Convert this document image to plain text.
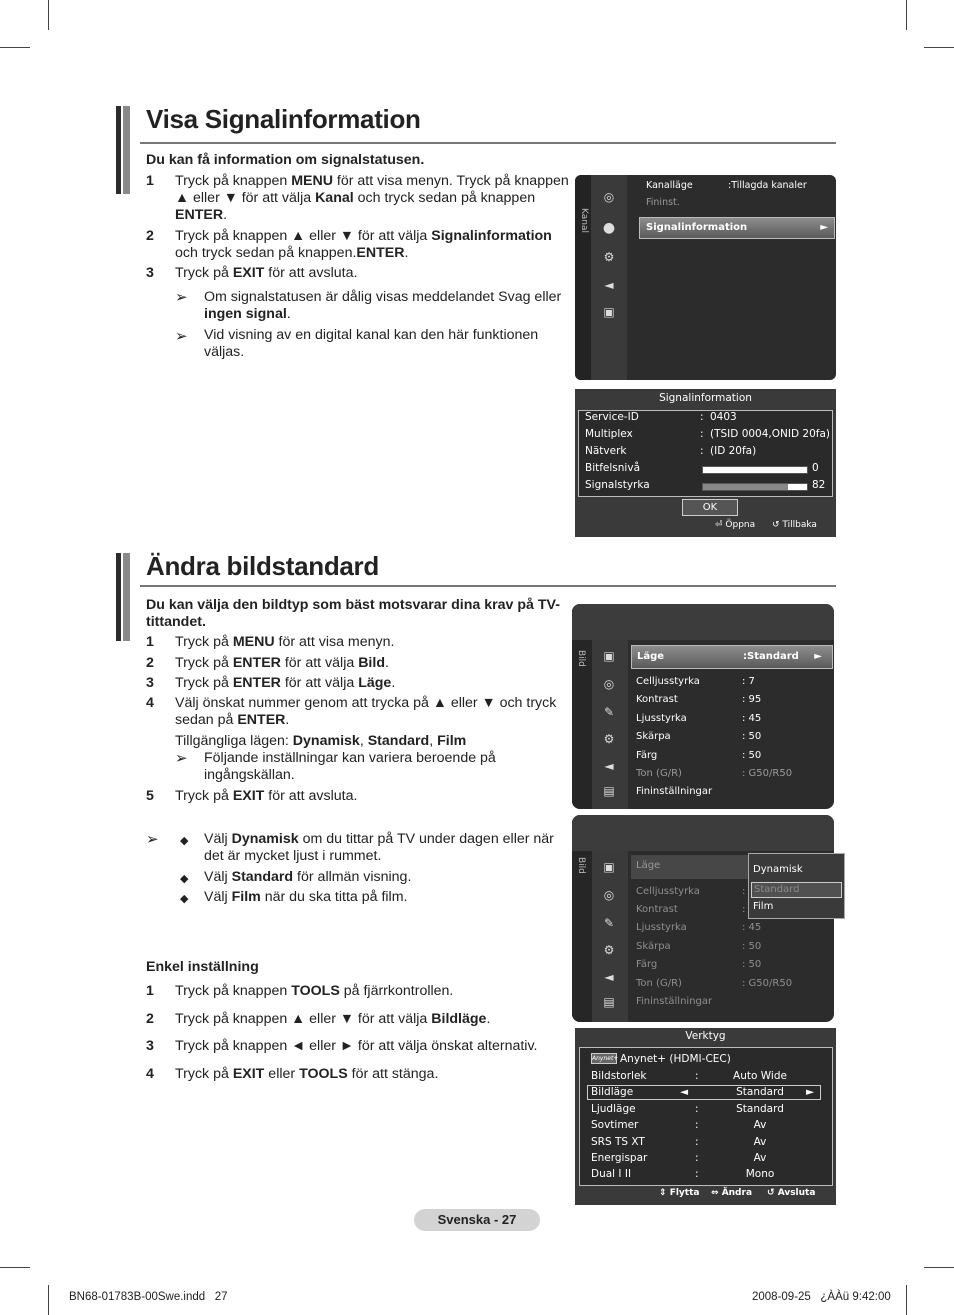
Visa Signalinformation
Du kan få information om signalstatusen.
1 Tryck på knappen MENU för att visa menyn. Tryck på knappen ▲ eller ▼ för att välja Kanal och tryck sedan på knappen ENTER.
2 Tryck på knappen ▲ eller ▼ för att välja Signalinformation och tryck sedan på knappen.ENTER.
3 Tryck på EXIT för att avsluta.
➢ Om signalstatusen är dålig visas meddelandet Svag eller ingen signal.
➢ Vid visning av en digital kanal kan den här funktionen väljas.
Kanal
◎
●
⚙
◄
▣
Kanalläge	:Tillagda kanaler
Fininst.
Signalinformation	►
Signalinformation
Service-ID	: 0403
Multiplex	: (TSID 0004,ONID 20fa)
Nätverk	: (ID 20fa)
Bitfelsnivå	0
Signalstyrka	82
OK
⏎ Öppna ↺ Tillbaka
Ändra bildstandard
Du kan välja den bildtyp som bäst motsvarar dina krav på TV-tittandet.
1 Tryck på MENU för att visa menyn.
2 Tryck på ENTER för att välja Bild.
3 Tryck på ENTER för att välja Läge.
4 Välj önskat nummer genom att trycka på ▲ eller ▼ och tryck sedan på ENTER.
Tillgängliga lägen: Dynamisk, Standard, Film
➢ Följande inställningar kan variera beroende på ingångskällan.
5 Tryck på EXIT för att avsluta.
➢ ◆ Välj Dynamisk om du tittar på TV under dagen eller när det är mycket ljust i rummet.
◆ Välj Standard för allmän visning.
◆ Välj Film när du ska titta på film.
Enkel inställning
1 Tryck på knappen TOOLS på fjärrkontrollen.
2 Tryck på knappen ▲ eller ▼ för att välja Bildläge.
3 Tryck på knappen ◄ eller ► för att välja önskat alternativ.
4 Tryck på EXIT eller TOOLS för att stänga.
Bild ▣
◎
✎
⚙
◄
▤
Läge	:Standard ►
Celljusstyrka	: 7
Kontrast	: 95
Ljusstyrka	: 45
Skärpa	: 50
Färg	: 50
Ton (G/R)	: G50/R50
Fininställningar
Bild ▣
◎
✎
⚙
◄
▤
Läge
Celljusstyrka	:
Kontrast	:
Ljusstyrka	: 45
Skärpa	: 50
Färg	: 50
Ton (G/R)	: G50/R50
Fininställningar
Dynamisk
Standard
Film
Verktyg
Anynet+ Anynet+ (HDMI-CEC)
Bildstorlek	:	Auto Wide
Bildläge	Standard
Ljudläge	:	Standard
Sovtimer	:	Av
SRS TS XT	:	Av
Energispar	:	Av
Dual I II	:	Mono
◄	►
⇕ Flytta ⇔ Ändra ↺ Avsluta
Svenska - 27
BN68-01783B-00Swe.indd   27	2008-09-25   ¿ÀÀü 9:42:00
